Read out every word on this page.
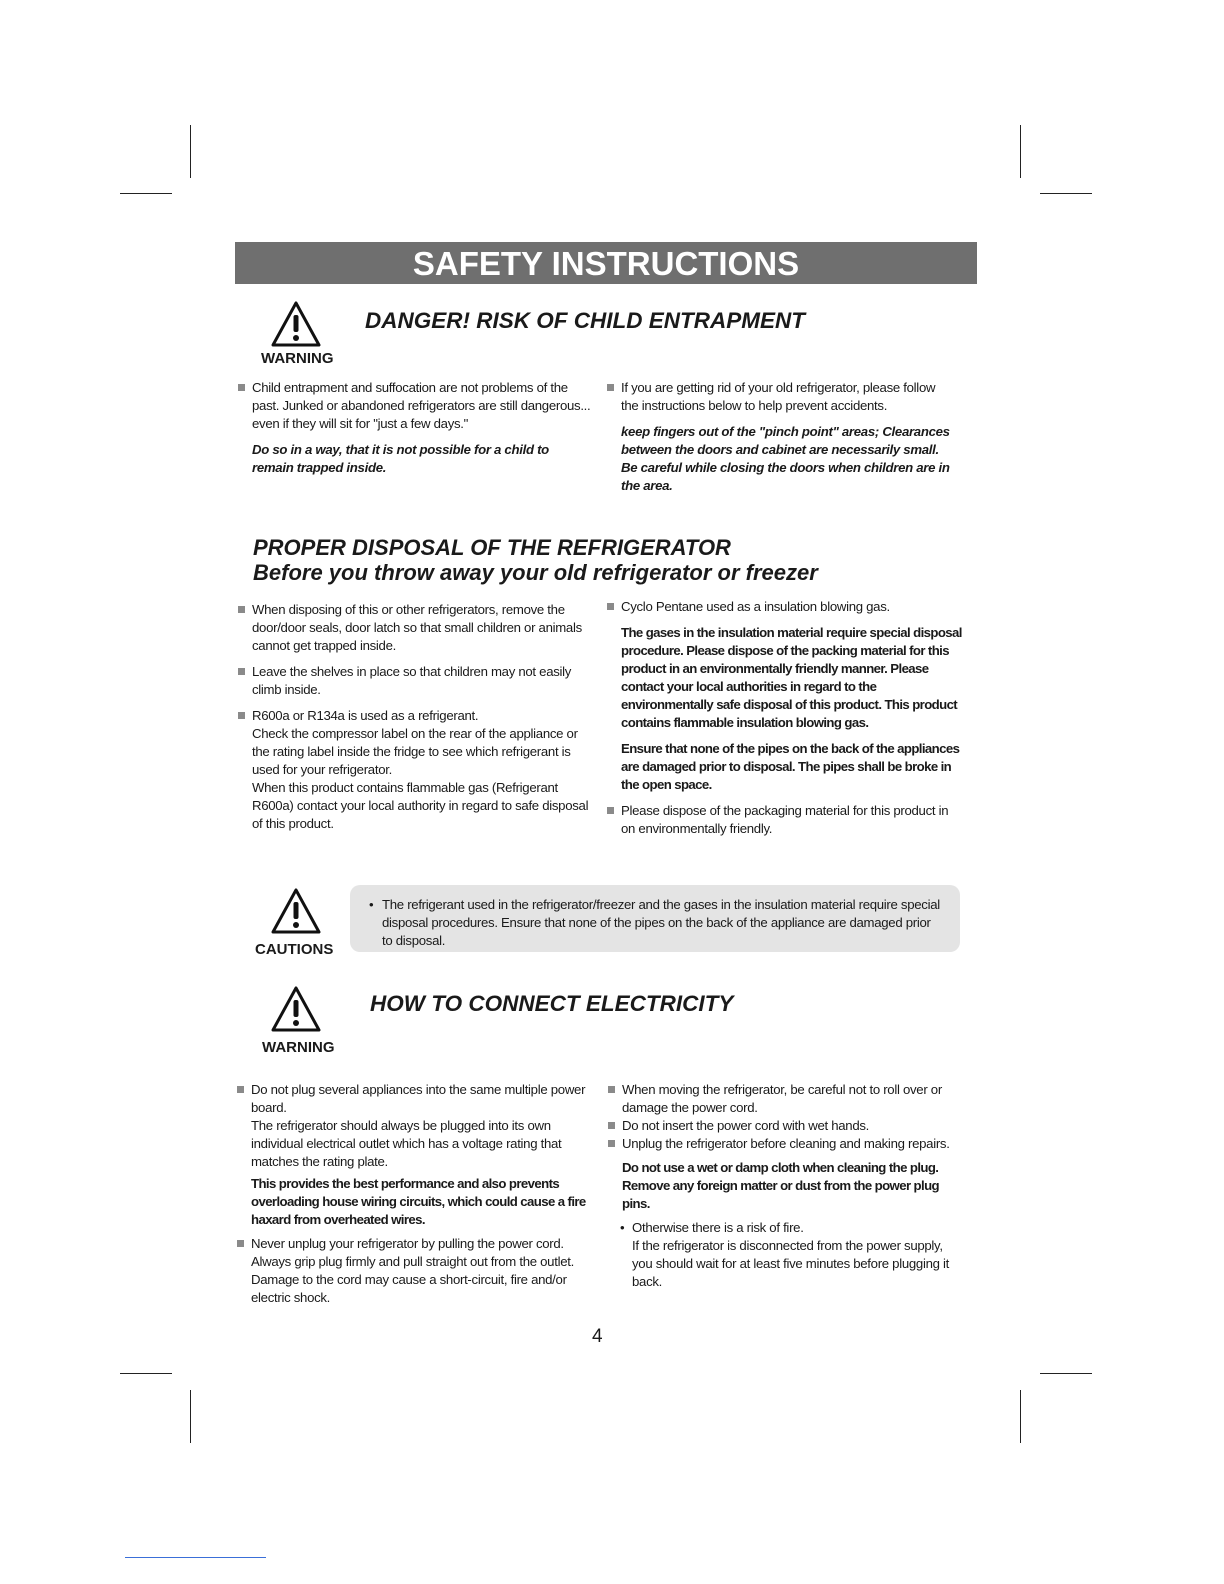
SAFETY INSTRUCTIONS
WARNING
DANGER! RISK OF CHILD ENTRAPMENT
Child entrapment and suffocation are not problems of the past. Junked or abandoned refrigerators are still dangerous... even if they will sit for "just a few days."
Do so in a way, that it is not possible for a child to remain trapped inside.
If you are getting rid of your old refrigerator, please follow the instructions below to help prevent accidents.
keep fingers out of the "pinch point" areas; Clearances between the doors and cabinet are necessarily small. Be careful while closing the doors when children are in the area.
PROPER DISPOSAL OF THE REFRIGERATOR
Before you throw away your old refrigerator or freezer
When disposing of this or other refrigerators, remove the door/door seals, door latch so that small children or animals cannot get trapped inside.
Leave the shelves in place so that children may not easily climb inside.
R600a or R134a is used as a refrigerant.
Check the compressor label on the rear of the appliance or the rating label inside the fridge to see which refrigerant is used for your refrigerator.
When this product contains flammable gas (Refrigerant R600a) contact your local authority in regard to safe disposal of this product.
Cyclo Pentane used as a insulation blowing gas.
The gases in the insulation material require special disposal procedure. Please dispose of the packing material for this product in an environmentally friendly manner. Please contact your local authorities in regard to the environmentally safe disposal of this product. This product contains flammable insulation blowing gas.
Ensure that none of the pipes on the back of the appliances are damaged prior to disposal. The pipes shall be broke in the open space.
Please dispose of the packaging material for this product in on environmentally friendly.
CAUTIONS
• The refrigerant used in the refrigerator/freezer and the gases in the insulation material require special disposal procedures. Ensure that none of the pipes on the back of the appliance are damaged prior to disposal.
WARNING
HOW TO CONNECT ELECTRICITY
Do not plug several appliances into the same multiple power board.
The refrigerator should always be plugged into its own individual electrical outlet which has a voltage rating that matches the rating plate.
This provides the best performance and also prevents overloading house wiring circuits, which could cause a fire haxard from overheated wires.
Never unplug your refrigerator by pulling the power cord. Always grip plug firmly and pull straight out from the outlet.
Damage to the cord may cause a short-circuit, fire and/or electric shock.
When moving the refrigerator, be careful not to roll over or damage the power cord.
Do not insert the power cord with wet hands.
Unplug the refrigerator before cleaning and making repairs.
Do not use a wet or damp cloth when cleaning the plug.
Remove any foreign matter or dust from the power plug pins.
• Otherwise there is a risk of fire.
If the refrigerator is disconnected from the power supply, you should wait for at least five minutes before plugging it back.
4
